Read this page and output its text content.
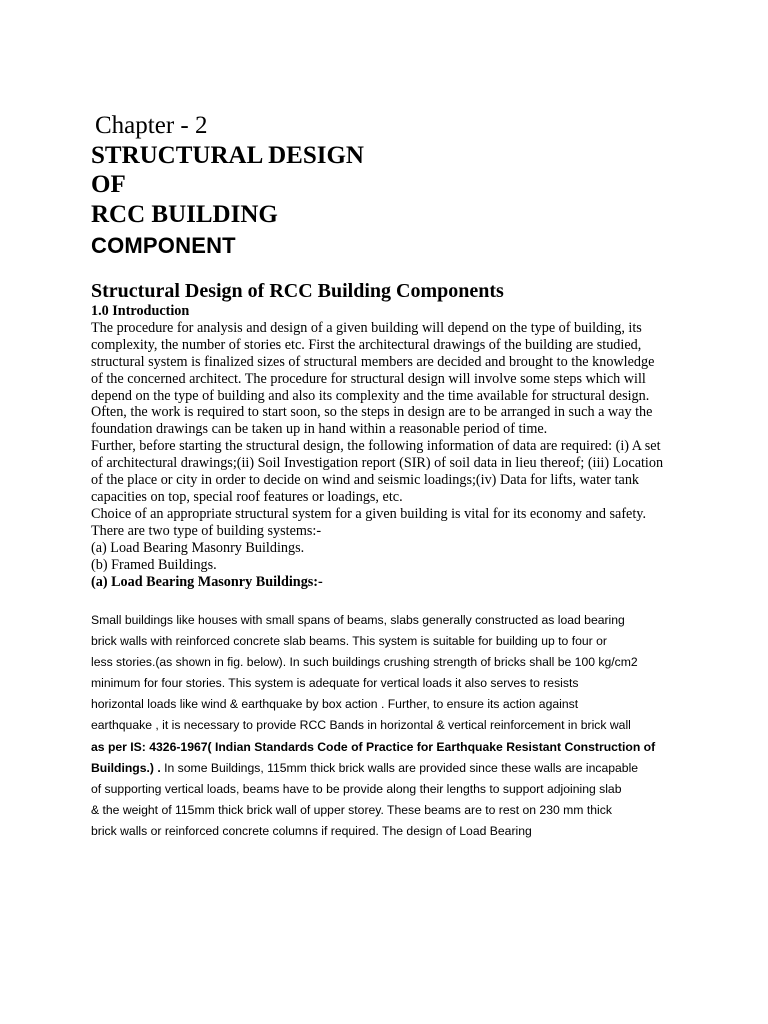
Chapter - 2
STRUCTURAL DESIGN
OF
RCC BUILDING
COMPONENT
Structural Design of RCC Building Components
1.0 Introduction
The procedure for analysis and design of a given building will depend on the type of building, its
complexity, the number of stories etc. First the architectural drawings of the building are studied,
structural system is finalized sizes of structural members are decided and brought to the knowledge
of the concerned architect. The procedure for structural design will involve some steps which will
depend on the type of building and also its complexity and the time available for structural design.
Often, the work is required to start soon, so the steps in design are to be arranged in such a way the
foundation drawings can be taken up in hand within a reasonable period of time.
Further, before starting the structural design, the following information of data are required: (i) A set
of architectural drawings;(ii) Soil Investigation report (SIR) of soil data in lieu thereof; (iii) Location
of the place or city in order to decide on wind and seismic loadings;(iv) Data for lifts, water tank
capacities on top, special roof features or loadings, etc.
Choice of an appropriate structural system for a given building is vital for its economy and safety.
There are two type of building systems:-
(a) Load Bearing Masonry Buildings.
(b) Framed Buildings.
(a) Load Bearing Masonry Buildings:-
Small buildings like houses with small spans of beams, slabs generally constructed as load bearing
brick walls with reinforced concrete slab beams. This system is suitable for building up to four or
less stories.(as shown in fig. below). In such buildings crushing strength of bricks shall be 100 kg/cm2
minimum for four stories. This system is adequate for vertical loads it also serves to resists
horizontal loads like wind & earthquake by box action . Further, to ensure its action against
earthquake , it is necessary to provide RCC Bands in horizontal & vertical reinforcement in brick wall
as per IS: 4326-1967( Indian Standards Code of Practice for Earthquake Resistant Construction of
Buildings.) . In some Buildings, 115mm thick brick walls are provided since these walls are incapable
of supporting vertical loads, beams have to be provide along their lengths to support adjoining slab
& the weight of 115mm thick brick wall of upper storey. These beams are to rest on 230 mm thick
brick walls or reinforced concrete columns if required. The design of Load Bearing
